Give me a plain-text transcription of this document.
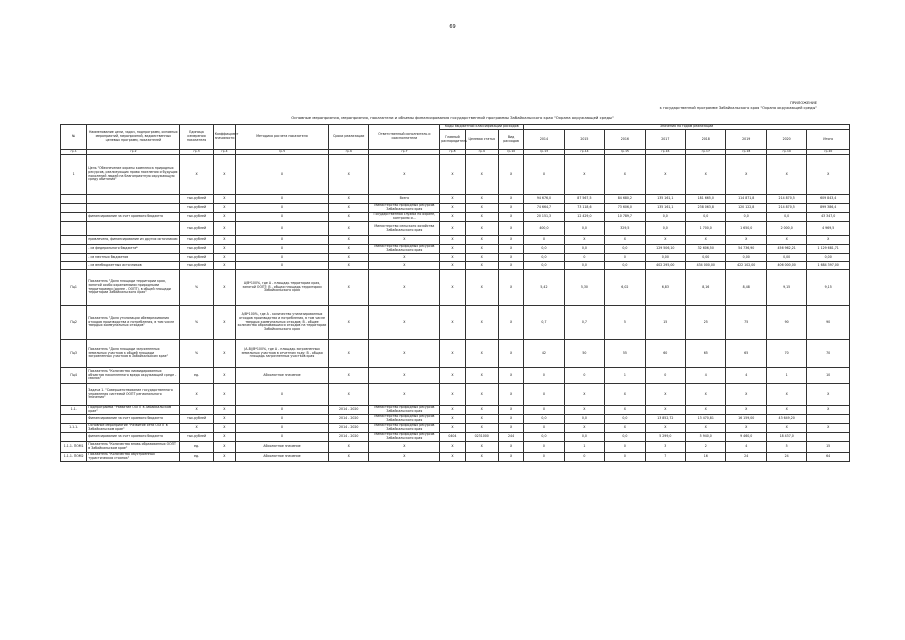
69
ПРИЛОЖЕНИЕ
к государственной программе Забайкальского края "Охрана окружающей среды"
Основные мероприятия, мероприятия, показатели и объемы финансирования государственной программы Забайкальского края "Охрана окружающей среды"
№	Наименование цели, задач, подпрограмм, основных мероприятий, мероприятий, ведомственных целевых программ, показателей	Единица измерения показателя	Коэффициент значимости	Методика расчета показателя	Сроки реализации	Ответственный исполнитель и соисполнители	Коды бюджетной классификации расходов			Значения по годам реализации							
							Главный распорядитель	Целевая статья	Вид расходов	2014	2015	2016	2017	2018	2019	2020	Итого
гр.1	гр.2	гр.3	гр.4	гр.5	гр.6	гр.7	гр.8	гр.9	гр.10	гр.13	гр.14	гр.15	гр.16	гр.17	гр.18	гр.19	гр.20
1	Цель "Обеспечение охраны комплекса природных ресурсов, реализующих право населения и будущих поколений людей на благоприятную окружающую среду обитания"	X	X	X	X	X	X	X	X	X	X	X	X	X	X	X	X
		тыс.рублей	X	X	X	Всего	X	X	X	94 676,0	87 567,5	84 680,2	135 161,1	181 665,0	114 871,8	214 870,5	609 843,4
		тыс.рублей	X	X	X	Министерство природных ресурсов Забайкальского края	X	X	X	74 664,7	73 118,6	73 606,0	135 161,1	238 063,8	120 122,8	214 870,5	899 386,4
	финансирование за счет краевого бюджета	тыс.рублей	X	X	X	Государственная служба по охране, контролю и...	X	X	X	20 151,3	12 429,0	10 789,7	0,0	0,0	0,0	0,0	43 347,0
		тыс.рублей	X	X	X	Министерство сельского хозяйства Забайкальского края	X	X	X	400,0	0,0	329,5	0,0	1 700,0	1 650,0	2 000,0	4 969,5
	привлечено, финансирование из других источников:	тыс.рублей	X	X	X	X	X	X	X	X	X	X	X	X	X	X	X
	- из федерального бюджета*	тыс.рублей	X	X	X	Министерство природных ресурсов Забайкальского края	X	X	X	0,0	0,0	0,0	129 506,10	32 606,50	54 736,90	456 962,21	1 129 681,71
	- из местных бюджетов	тыс.рублей	X	X	X	X	X	X	X	0,0	0	0	0,00	0,00	0,00	0,00	0,00
	- из внебюджетных источников	тыс.рублей	X	X	X	X	X	X	X	0,0	0,0	0,0	402 295,00	434 000,00	422 102,00	406 000,00	1 684 397,00
Пц1	Показатель "Доля площади территории края, занятой особо охраняемыми природными территориями (далее - ООПТ), в общей площади территории Забайкальского края"	%	X	А/В*100%, где А - площадь территории края, занятой ООПТ; В - общая площадь территории Забайкальского края	X	X	X	X	X	5,42	5,30	6,02	6,83	8,16	8,48	9,15	9,15
Пц2	Показатель "Доля утилизации обезвреживания отходов производства и потребления, в том числе твердых коммунальных отходов"	%	X	А/В*100%, где А - количество утилизированных отходов производства и потребления, в том числе твердых коммунальных отходов; В - общее количество образовавшихся отходов на территории Забайкальского края	X	X	X	X	X	0,7	0,7	5	15	25	75	90	90
Пц3	Показатель "Доля площади загрязненных земельных участков к общей площади загрязненных участков в Забайкальском крае"	%	X	(А-В)/В*100%, где А - площадь загрязненных земельных участков в отчетном году; В - общая площадь загрязненных участков края	X	X	X	X	X	42	50	55	60	65	65	70	70
Пц4	Показатель "Количество ликвидированных объектов накопленного вреда окружающей среде - свалок"	ед.	X	Абсолютное значение	X	X	X	X	X	0	0	1	0	4	4	1	10
	Задача 1. "Совершенствование государственного управления системой ООПТ регионального значения"	X	X	X	X	X	X	X	X	X	X	X	X	X	X	X	X
1.1.	Подпрограмма "Развитие ООПТ в Забайкальском крае"	X	X	X	2014 - 2020	Министерство природных ресурсов Забайкальского края	X	X	X	X	X	X	X	X	X	X	X
	Финансирование за счет краевого бюджета	тыс.рублей	X	X	2014 - 2020	Министерство природных ресурсов Забайкальского края	X	X	X	0,0	0,0	0,0	13 852,72	13 470,81	16 159,00	43 649,20	
1.1.1.	Основное мероприятие "Развитие сети ООПТ в Забайкальском крае"	X	X	X	2014 - 2020	Министерство природных ресурсов Забайкальского края	X	X	X	X	X	X	X	X	X	X	X
	финансирование за счет краевого бюджета	тыс.рублей	X	X	2014 - 2020	Министерство природных ресурсов Забайкальского края	0404	0231000	244	0,0	0,0	0,0	5 299,0	5 940,0	9 460,0	18 437,0	
1.1.1. ПОМ1	Показатель "Количество вновь образованных ООПТ в Забайкальском крае"	ед.	X	Абсолютное значение	X	X	X	X	X	0	1	0	3	2	4	5	15
1.1.1. ПОМ2	Показатель "Количество обустроенных туристических стоянок"	ед.	X	Абсолютное значение	X	X	X	X	X	0	0	0	7	16	24	24	64
